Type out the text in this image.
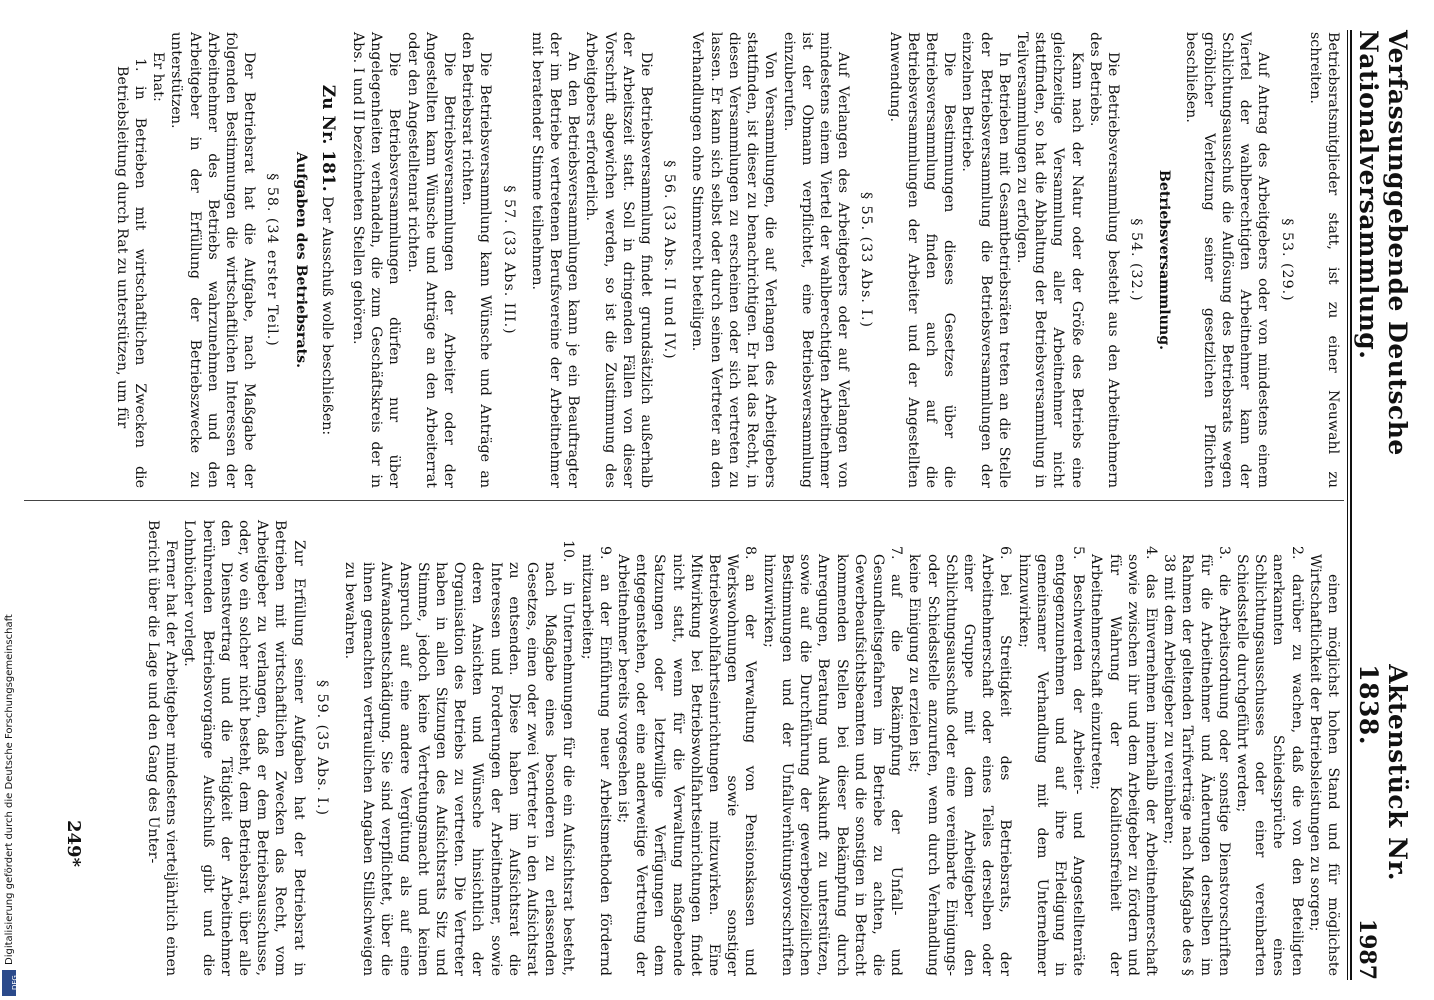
Verfassunggebende Deutsche Nationalversammlung.
Aktenstück Nr. 1838.
1987

Betriebsratsmitglieder statt, ist zu einer Neuwahl zu schreiten.

§ 53. (29.)

Auf Antrag des Arbeitgebers oder von mindestens einem Viertel der wahlberechtigten Arbeitnehmer kann der Schlichtungsausschuß die Auflösung des Betriebsrats wegen gröblicher Verletzung seiner gesetzlichen Pflichten beschließen.

Betriebsversammlung.

§ 54. (32.)

Die Betriebsversammlung besteht aus den Arbeitnehmern des Betriebs.

Kann nach der Natur oder der Größe des Betriebs eine gleichzeitige Versammlung aller Arbeitnehmer nicht stattfinden, so hat die Abhaltung der Betriebsversammlung in Teilversammlungen zu erfolgen.

In Betrieben mit Gesamtbetriebsräten treten an die Stelle der Betriebsversammlung die Betriebsversammlungen der einzelnen Betriebe.

Die Bestimmungen dieses Gesetzes über die Betriebsversammlung finden auch auf die Betriebsversammlungen der Arbeiter und der Angestellten Anwendung.

§ 55. (33 Abs. I.)

Auf Verlangen des Arbeitgebers oder auf Verlangen von mindestens einem Viertel der wahlberechtigten Arbeitnehmer ist der Obmann verpflichtet, eine Betriebsversammlung einzuberufen.

Von Versammlungen, die auf Verlangen des Arbeitgebers stattfinden, ist dieser zu benachrichtigen. Er hat das Recht, in diesen Versammlungen zu erscheinen oder sich vertreten zu lassen. Er kann sich selbst oder durch seinen Vertreter an den Verhandlungen ohne Stimmrecht beteiligen.

§ 56. (33 Abs. II und IV.)

Die Betriebsversammlung findet grundsätzlich außerhalb der Arbeitszeit statt. Soll in dringenden Fällen von dieser Vorschrift abgewichen werden, so ist die Zustimmung des Arbeitgebers erforderlich.

An den Betriebsversammlungen kann je ein Beauftragter der im Betriebe vertretenen Berufsvereine der Arbeitnehmer mit beratender Stimme teilnehmen.

§ 57. (33 Abs. III.)

Die Betriebsversammlung kann Wünsche und Anträge an den Betriebsrat richten.

Die Betriebsversammlungen der Arbeiter oder der Angestellten kann Wünsche und Anträge an den Arbeiterrat oder den Angestelltenrat richten.

Die Betriebsversammlungen dürfen nur über Angelegenheiten verhandeln, die zum Geschäftskreis der in Abs. I und II bezeichneten Stellen gehören.

Zu Nr. 181. Der Ausschuß wolle beschließen:

Aufgaben des Betriebsrats.

§ 58. (34 erster Teil.)

Der Betriebsrat hat die Aufgabe, nach Maßgabe der folgenden Bestimmungen die wirtschaftlichen Interessen der Arbeitnehmer des Betriebs wahrzunehmen und den Arbeitgeber in der Erfüllung der Betriebszwecke zu unterstützen.

Er hat:

1.
in Betrieben mit wirtschaftlichen Zwecken die Betriebsleitung durch Rat zu unterstützen, um für

einen möglichst hohen Stand und für möglichste Wirtschaftlichkeit der Betriebsleistungen zu sorgen;

2.
darüber zu wachen, daß die von den Beteiligten anerkannten Schiedssprüche eines Schlichtungsausschusses oder einer vereinbarten Schiedsstelle durchgeführt werden;

3.
die Arbeitsordnung oder sonstige Dienstvorschriften für die Arbeitnehmer und Änderungen derselben im Rahmen der geltenden Tarifverträge nach Maßgabe des § 38 mit dem Arbeitgeber zu vereinbaren;

4.
das Einvernehmen innerhalb der Arbeitnehmerschaft sowie zwischen ihr und dem Arbeitgeber zu fördern und für Wahrung der Koalitionsfreiheit der Arbeitnehmerschaft einzutreten;

5.
Beschwerden der Arbeiter- und Angestelltenräte entgegenzunehmen und auf ihre Erledigung in gemeinsamer Verhandlung mit dem Unternehmer hinzuwirken;

6.
bei Streitigkeit des Betriebsrats, der Arbeitnehmerschaft oder eines Teiles derselben oder einer Gruppe mit dem Arbeitgeber den Schlichtungsausschuß oder eine vereinbarte Einigungs- oder Schiedsstelle anzurufen, wenn durch Verhandlung keine Einigung zu erzielen ist;

7.
auf die Bekämpfung der Unfall- und Gesundheitsgefahren im Betriebe zu achten, die Gewerbeaufsichtsbeamten und die sonstigen in Betracht kommenden Stellen bei dieser Bekämpfung durch Anregungen, Beratung und Auskunft zu unterstützen, sowie auf die Durchführung der gewerbepolizeilichen Bestimmungen und der Unfallverhütungsvorschriften hinzuwirken;

8.
an der Verwaltung von Pensionskassen und Werkswohnungen sowie sonstiger Betriebswohlfahrtseinrichtungen mitzuwirken. Eine Mitwirkung bei Betriebswohlfahrtseinrichtungen findet nicht statt, wenn für die Verwaltung maßgebende Satzungen oder letztwillige Verfügungen dem entgegenstehen, oder eine anderweitige Vertretung der Arbeitnehmer bereits vorgesehen ist;

9.
an der Einführung neuer Arbeitsmethoden fördernd mitzuarbeiten;

10.
in Unternehmungen für die ein Aufsichtsrat besteht, nach Maßgabe eines besonderen zu erlassenden Gesetzes, einen oder zwei Vertreter in den Aufsichtsrat zu entsenden. Diese haben im Aufsichtsrat die Interessen und Forderungen der Arbeitnehmer, sowie deren Ansichten und Wünsche hinsichtlich der Organisation des Betriebs zu vertreten. Die Vertreter haben in allen Sitzungen des Aufsichtsrats Sitz und Stimme, jedoch keine Vertretungsmacht und keinen Anspruch auf eine andere Vergütung als auf eine Aufwandsentschädigung. Sie sind verpflichtet, über die ihnen gemachten vertraulichen Angaben Stillschweigen zu bewahren.

§ 59. (35 Abs. I.)

Zur Erfüllung seiner Aufgaben hat der Betriebsrat in Betrieben mit wirtschaftlichen Zwecken das Recht, vom Arbeitgeber zu verlangen, daß er dem Betriebsausschusse, oder, wo ein solcher nicht besteht, dem Betriebsrat, über alle den Dienstvertrag und die Tätigkeit der Arbeitnehmer berührenden Betriebsvorgänge Aufschluß gibt und die Lohnbücher vorlegt.

Ferner hat der Arbeitgeber mindestens vierteljährlich einen Bericht über die Lage und den Gang des Unter-

249*
Digitalisierung gefördert durch die Deutsche Forschungsgemeinschaft
DFG
